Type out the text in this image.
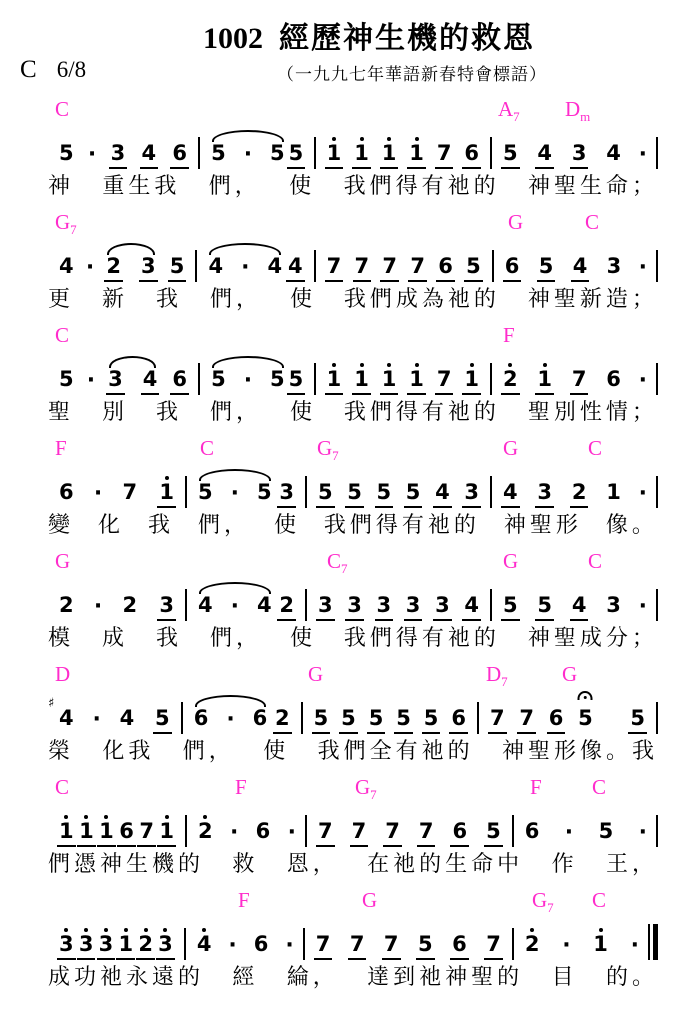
1002 經歷神生機的救恩
C 6/8	（一九九七年華語新春特會標語）
C	$A_7$ $D_m$
5 · 3 4 6 5 · 5 5 1 1 1 1 7 6 5 4 3 4 ·
神 重生我 們， 使 我們得有祂的 神聖生命；
$G_7$	G	C
4 · 2 3 5 4 · 4 4 7 7 7 7 6 5 6 5 4 3 ·
更 新 我 們， 使 我們成為祂的 神聖新造；
C	F
5 · 3 4 6 5 · 5 5 1 1 1 1 7 1 2 1 7 6 ·
聖 別 我 們， 使 我們得有祂的 聖別性情；
F	C	$G_7$	G	C
6 · 7 1 5 · 5 3 5 5 5 5 4 3 4 3 2 1 ·
變 化 我 們， 使 我們得有祂的 神聖形 像。
G	$C_7$	G	C
2 · 2 3 4 · 4 2 3 3 3 3 3 4 5 5 4 3 ·
模 成 我 們， 使 我們得有祂的 神聖成分；
D	G	$D_7$	G
♯
4 · 4 5 6 · 6 2 5 5 5 5 5 6 7 7 6 5 5
榮 化我 們， 使 我們全有祂的 神聖形像。我
C	F	$G_7$	F C
1 1 1 6 7 1 2 · 6 · 7 7 7 7 6 5 6 · 5 ·
們憑神生機的 救 恩， 在祂的生命中 作 王，
F	G	$G_7$ C
3 3 3 1 2 3 4 · 6 · 7 7 7 5 6 7 2 · 1 ·
成功祂永遠的 經 綸， 達到祂神聖的 目 的。
